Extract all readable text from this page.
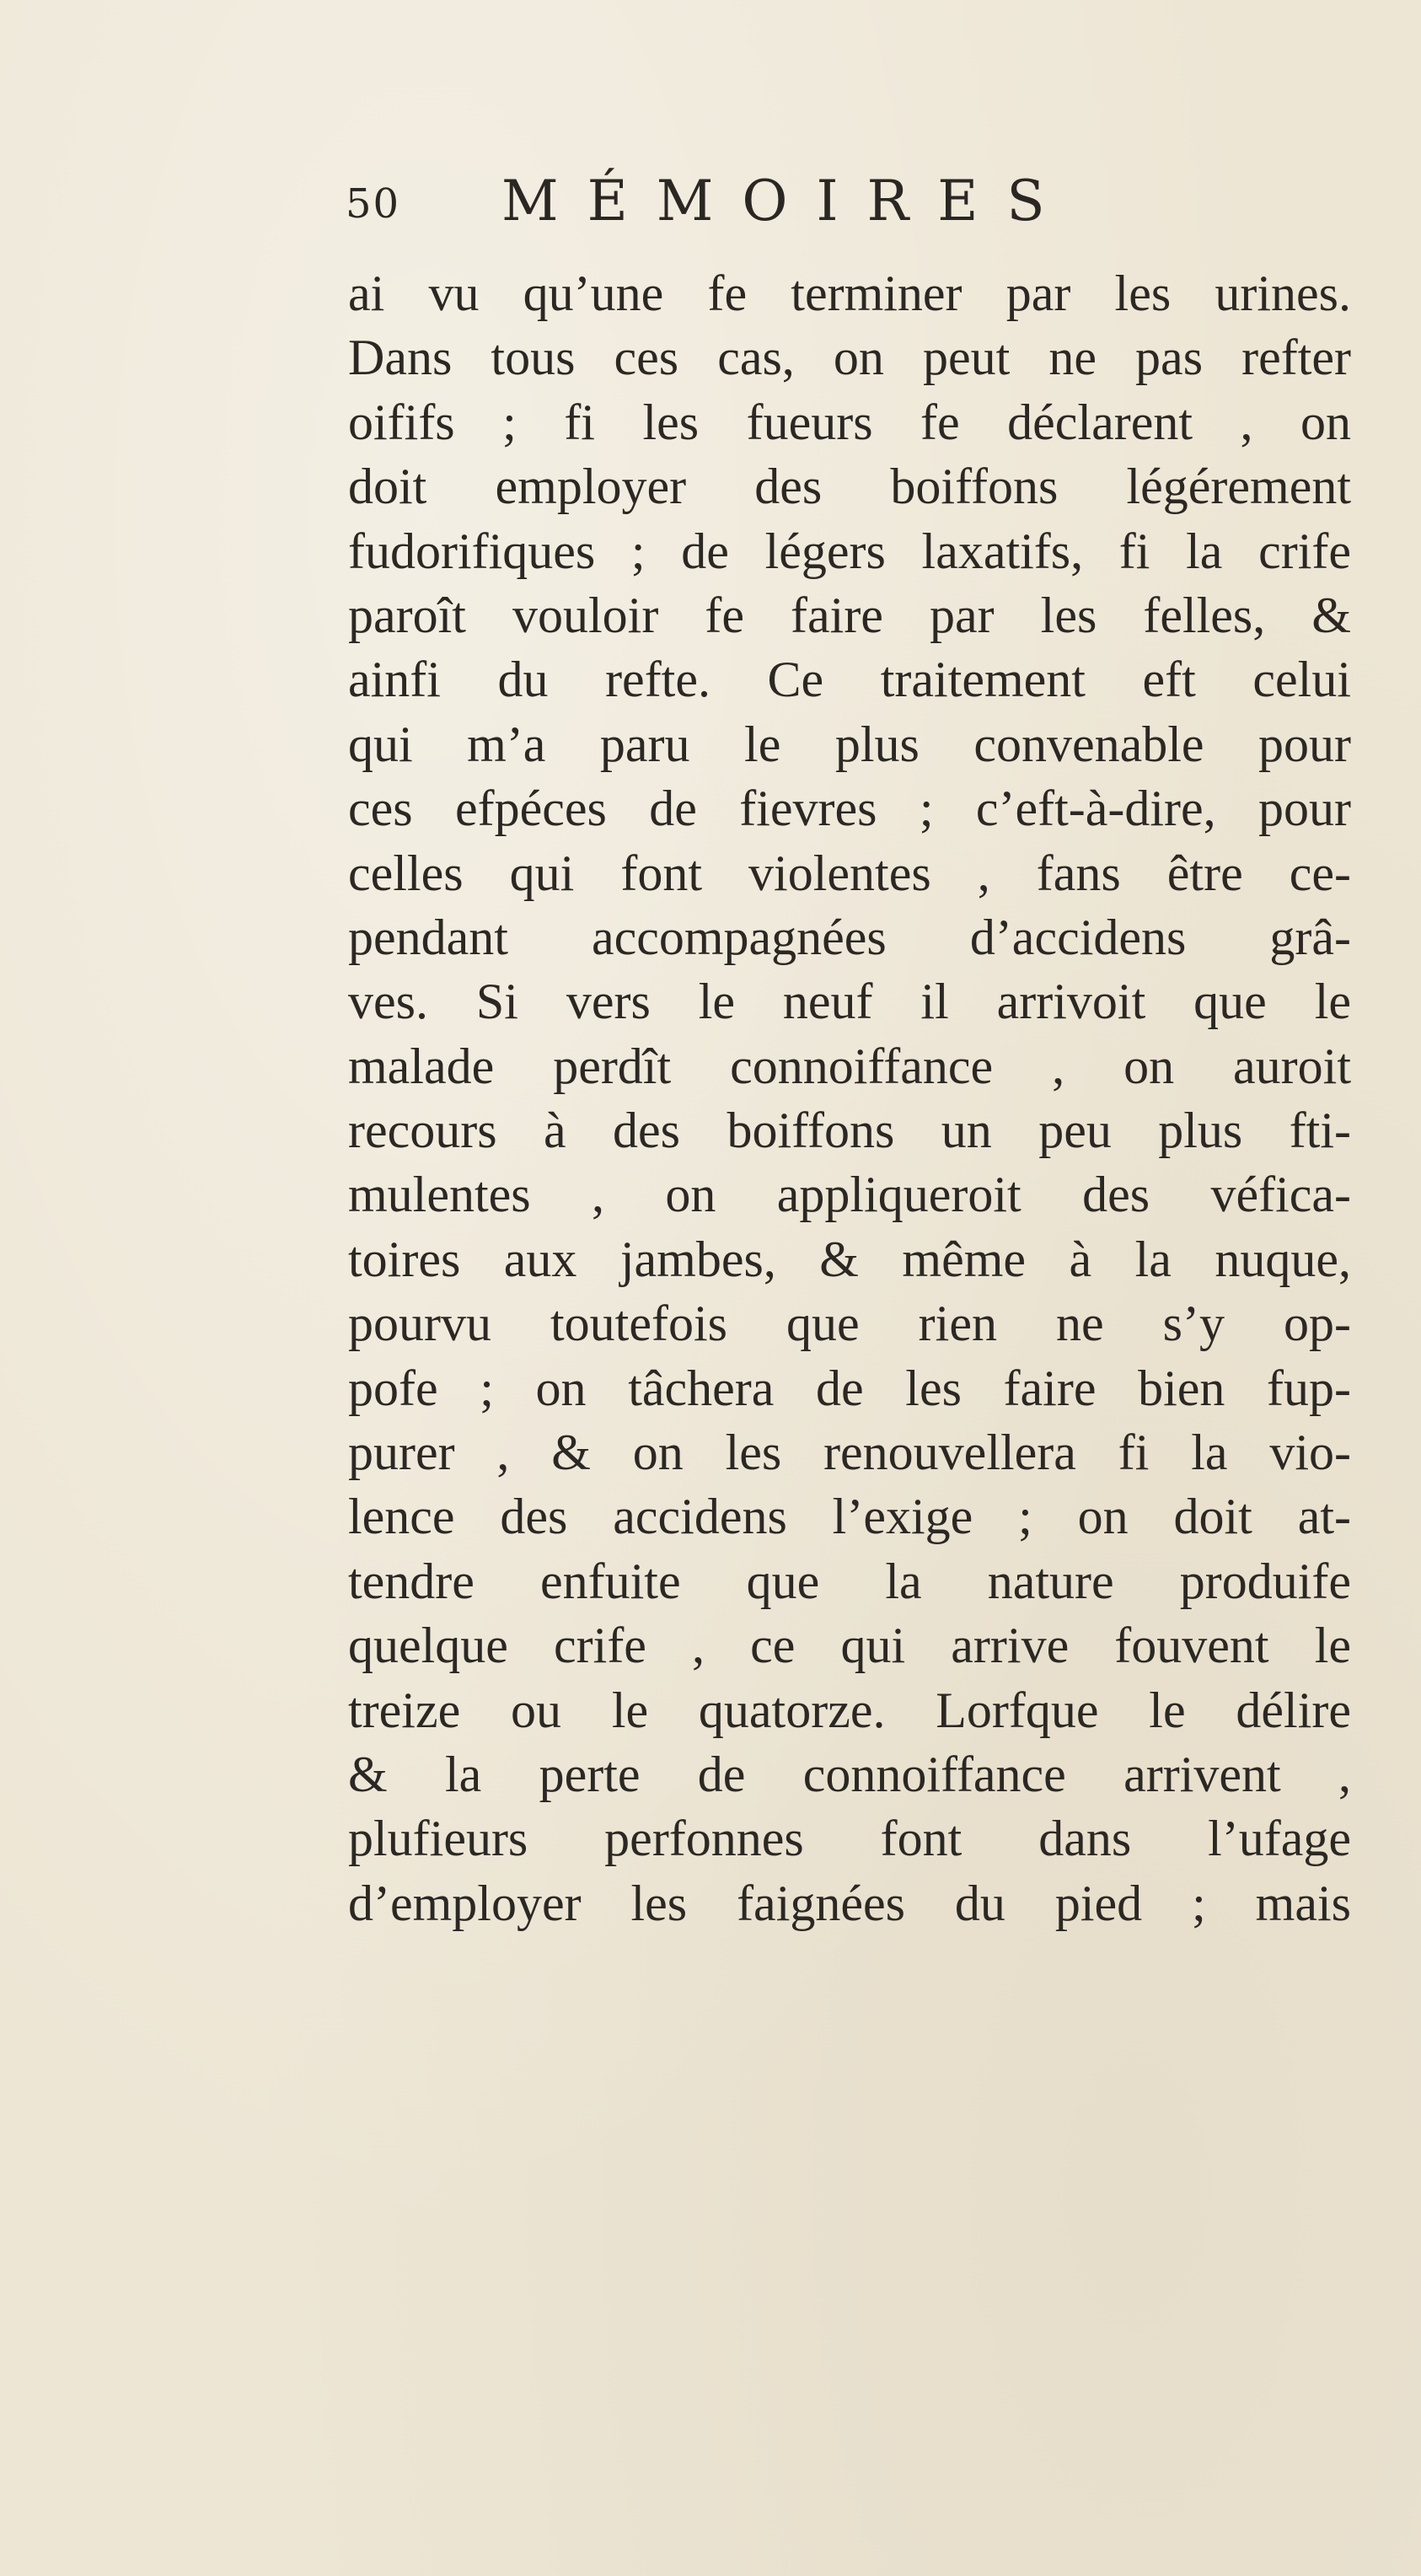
50 MÉMOIRES
ai vu qu’une fe terminer par les urines.
Dans tous ces cas, on peut ne pas refter
oififs ; fi les fueurs fe déclarent , on
doit employer des boiffons légérement
fudorifiques ; de légers laxatifs, fi la crife
paroît vouloir fe faire par les felles, &
ainfi du refte. Ce traitement eft celui
qui m’a paru le plus convenable pour
ces efpéces de fievres ; c’eft-à-dire, pour
celles qui font violentes , fans être ce-
pendant accompagnées d’accidens grâ-
ves. Si vers le neuf il arrivoit que le
malade perdît connoiffance , on auroit
recours à des boiffons un peu plus fti-
mulentes , on appliqueroit des véfica-
toires aux jambes, & même à la nuque,
pourvu toutefois que rien ne s’y op-
pofe ; on tâchera de les faire bien fup-
purer , & on les renouvellera fi la vio-
lence des accidens l’exige ; on doit at-
tendre enfuite que la nature produife
quelque crife , ce qui arrive fouvent le
treize ou le quatorze. Lorfque le délire
& la perte de connoiffance arrivent ,
plufieurs perfonnes font dans l’ufage
d’employer les faignées du pied ; mais
